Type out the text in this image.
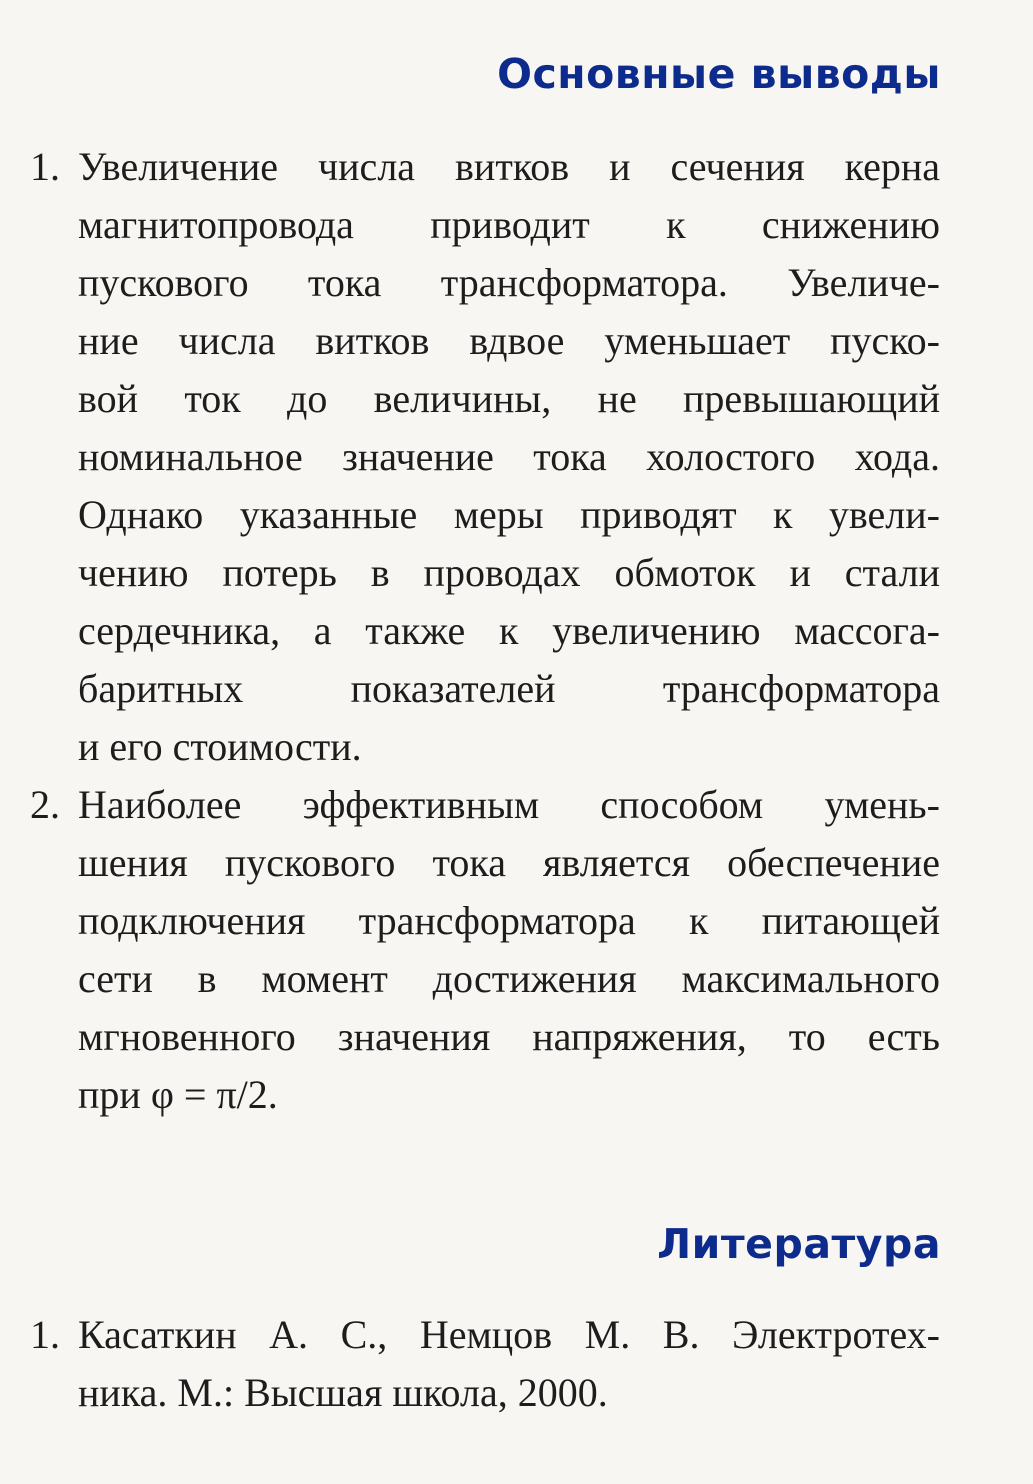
Основные выводы
1. Увеличение числа витков и сечения керна
магнитопровода приводит к снижению
пускового тока трансформатора. Увеличе-
ние числа витков вдвое уменьшает пуско-
вой ток до величины, не превышающий
номинальное значение тока холостого хода.
Однако указанные меры приводят к увели-
чению потерь в проводах обмоток и стали
сердечника, а также к увеличению массога-
баритных показателей трансформатора
и его стоимости.
2. Наиболее эффективным способом умень-
шения пускового тока является обеспечение
подключения трансформатора к питающей
сети в момент достижения максимального
мгновенного значения напряжения, то есть
при φ = π/2.
Литература
1. Касаткин А. С., Немцов М. В. Электротех-
ника. М.: Высшая школа, 2000.
